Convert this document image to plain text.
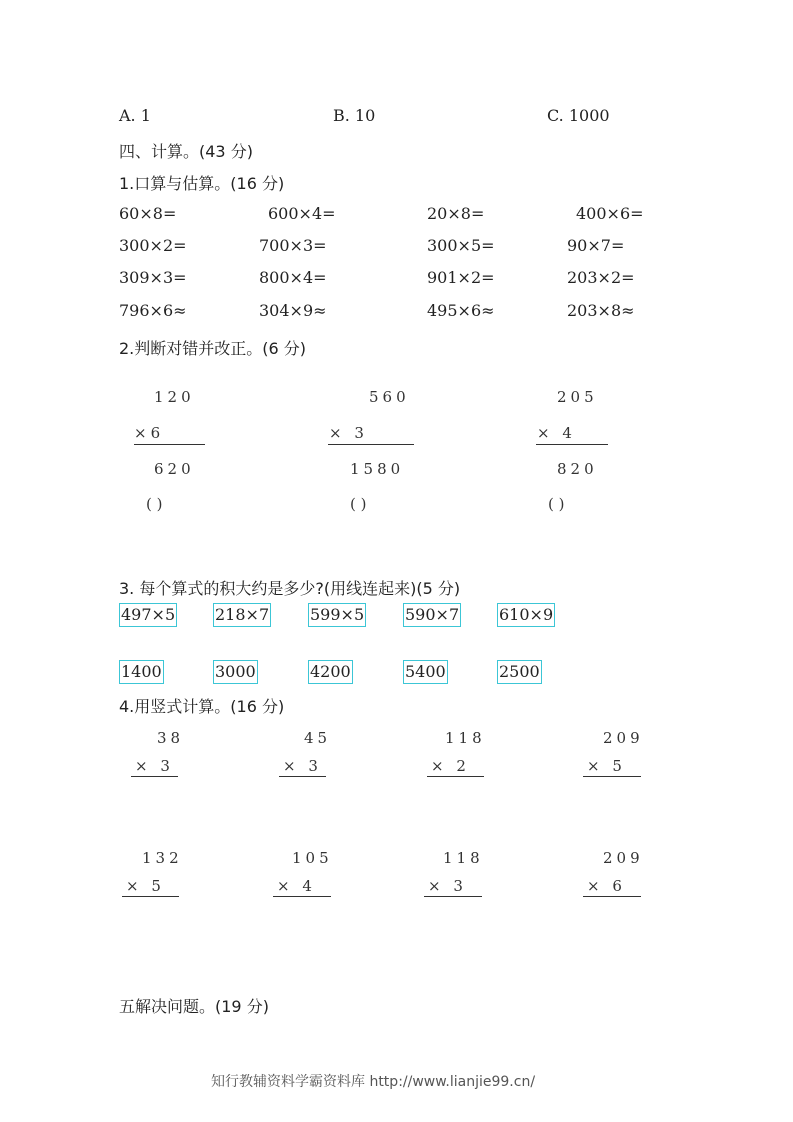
A. 1	B. 10	C. 1000
四、计算。(43 分)
1.口算与估算。(16 分)
60×8=	600×4=	20×8=	400×6=
300×2=	700×3=	300×5=	90×7=
309×3=	800×4=	901×2=	203×2=
796×6≈	304×9≈	495×6≈	203×8≈
2.判断对错并改正。(6 分)
120
×6
620
( )
560
× 3
1580
( )
205
× 4
820
( )
3. 每个算式的积大约是多少?(用线连起来)(5 分)
497×5 218×7	599×5	590×7 610×9
1400	3000	4200	5400	2500
4.用竖式计算。(16 分)
38
× 3
45
× 3
118
× 2
209
× 5
132
× 5
105
× 4
118
× 3
209
× 6
五解决问题。(19 分)
知行教辅资料学霸资料库 http://www.lianjie99.cn/
